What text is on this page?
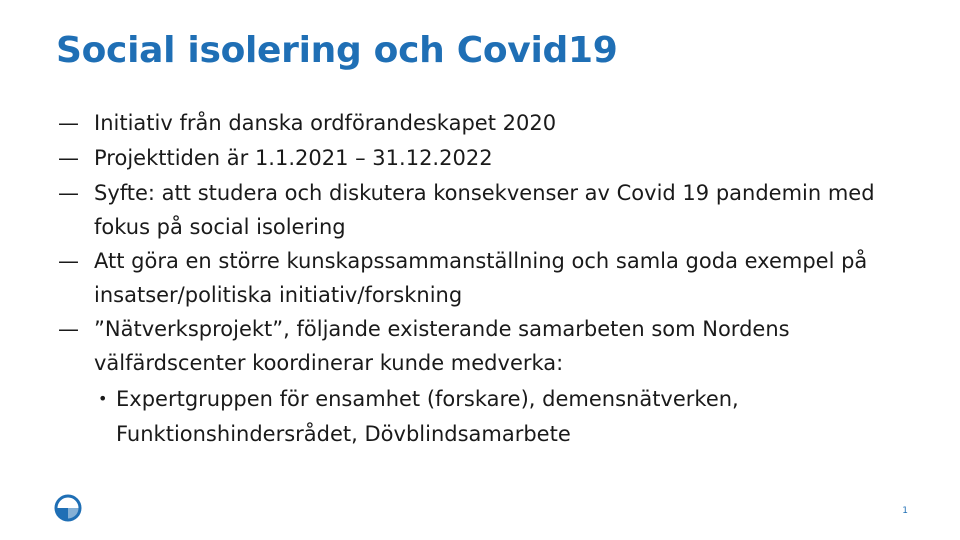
Social isolering och Covid19
— Initiativ från danska ordförandeskapet 2020
— Projekttiden är 1.1.2021 – 31.12.2022
— Syfte: att studera och diskutera konsekvenser av Covid 19 pandemin med fokus på social isolering
— Att göra en större kunskapssammanställning och samla goda exempel på insatser/politiska initiativ/forskning
— ”Nätverksprojekt”, följande existerande samarbeten som Nordens välfärdscenter koordinerar kunde medverka:
• Expertgruppen för ensamhet (forskare), demensnätverken, Funktionshindersrådet, Dövblindsamarbete
1
